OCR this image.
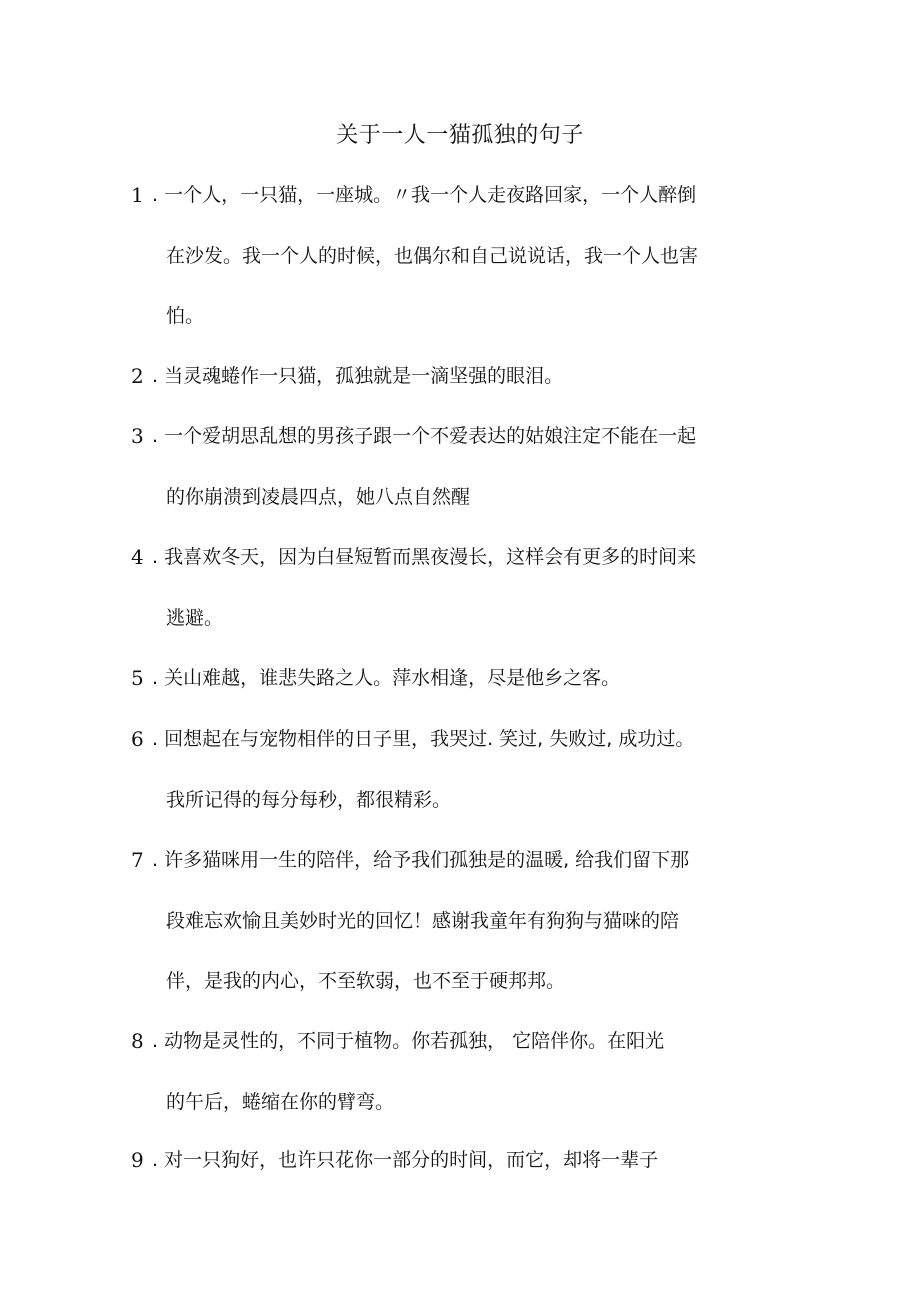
关于一人一猫孤独的句子
1 . 一个人，一只猫，一座城。〃我一个人走夜路回家，一个人醉倒
在沙发。我一个人的时候，也偶尔和自己说说话，我一个人也害
怕。
2 . 当灵魂蜷作一只猫，孤独就是一滴坚强的眼泪。
3 . 一个爱胡思乱想的男孩子跟一个不爱表达的姑娘注定不能在一起
的你崩溃到凌晨四点，她八点自然醒
4 . 我喜欢冬天，因为白昼短暂而黑夜漫长，这样会有更多的时间来
逃避。
5 . 关山难越，谁悲失路之人。萍水相逢，尽是他乡之客。
6 . 回想起在与宠物相伴的日子里，我哭过. 笑过, 失败过, 成功过。
我所记得的每分每秒，都很精彩。
7 . 许多猫咪用一生的陪伴，给予我们孤独是的温暖, 给我们留下那
段难忘欢愉且美妙时光的回忆！感谢我童年有狗狗与猫咪的陪
伴，是我的内心，不至软弱，也不至于硬邦邦。
8 . 动物是灵性的，不同于植物。你若孤独， 它陪伴你。在阳光
的午后，蜷缩在你的臂弯。
9 . 对一只狗好，也许只花你一部分的时间，而它，却将一辈子
